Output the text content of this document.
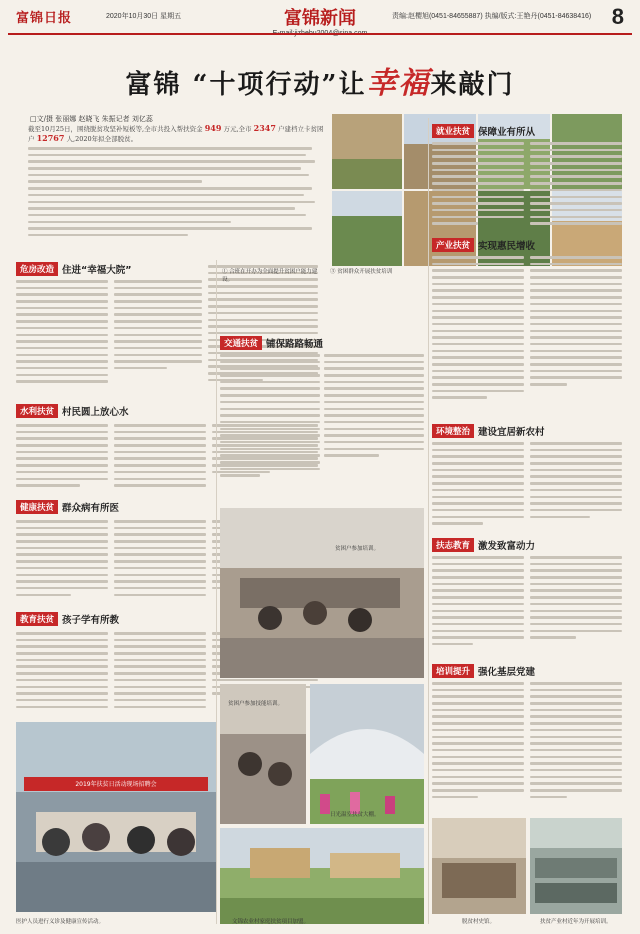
富锦日报	2020年10月30日 星期五	富锦新闻	责编:赵樱旭(0451-84655887) 执编/版式:王艳丹(0451-84638416) 8
富锦 “十项行动”让幸福来敲门
□文/摄 张丽娜 赵晓飞 朱振记者 刘亿蕊
截至10月25日，围绕脱贫攻坚补短板等,全市共投入帮扶资金 949 万元,全市 2347 户建档立卡贫困户 12767 人,2020年拟全部脱贫。
危房改造 住进“幸福大院”
水利扶贫 村民圆上放心水
健康扶贫 群众病有所医
教育扶贫 孩子学有所教
2019年扶贫日活动现场招聘会
医护人员进行义诊及健康宣传活动。
交通扶贫 铺保路路畅通
① 合班在开办为全面提升贫困户能力建设。
③ 贫困群众开展扶贫培训
贫困户参加培训。
贫困户参加技能培训。
日光温室扶贫大棚。
文锦农业村家庭扶贫项目加盟。
就业扶贫 保障业有所从
产业扶贫 实现惠民增收
环境整治 建设宜居新农村
扶志教育 激发致富动力
培训提升 强化基层党建
脱贫村史馆。	扶贫产业村近年为开展培训。
